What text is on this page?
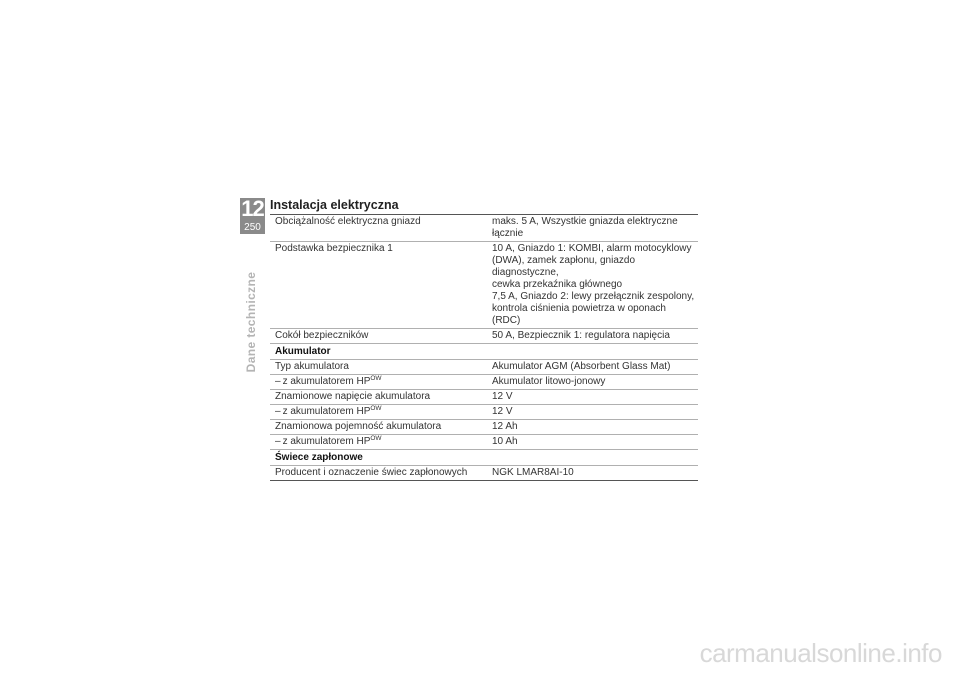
12
250
Dane techniczne
Instalacja elektryczna
Obciążalność elektryczna gniazd	maks. 5 A, Wszystkie gniazda elektryczne łącznie
Podstawka bezpiecznika 1	10 A, Gniazdo 1: KOMBI, alarm motocyklowy
(DWA), zamek zapłonu, gniazdo diagnostyczne,
cewka przekaźnika głównego
7,5 A, Gniazdo 2: lewy przełącznik zespolony,
kontrola ciśnienia powietrza w oponach (RDC)

Cokół bezpieczników	50 A, Bezpiecznik 1: regulatora napięcia
Akumulator	
Typ akumulatora	Akumulator AGM (Absorbent Glass Mat)
– z akumulatorem $HP^{OW}$	Akumulator litowo-jonowy
Znamionowe napięcie akumulatora	12 V
– z akumulatorem $HP^{OW}$	12 V
Znamionowa pojemność akumulatora	12 Ah
– z akumulatorem $HP^{OW}$	10 Ah
Świece zapłonowe	
Producent i oznaczenie świec zapłonowych	NGK LMAR8AI-10
carmanualsonline.info
